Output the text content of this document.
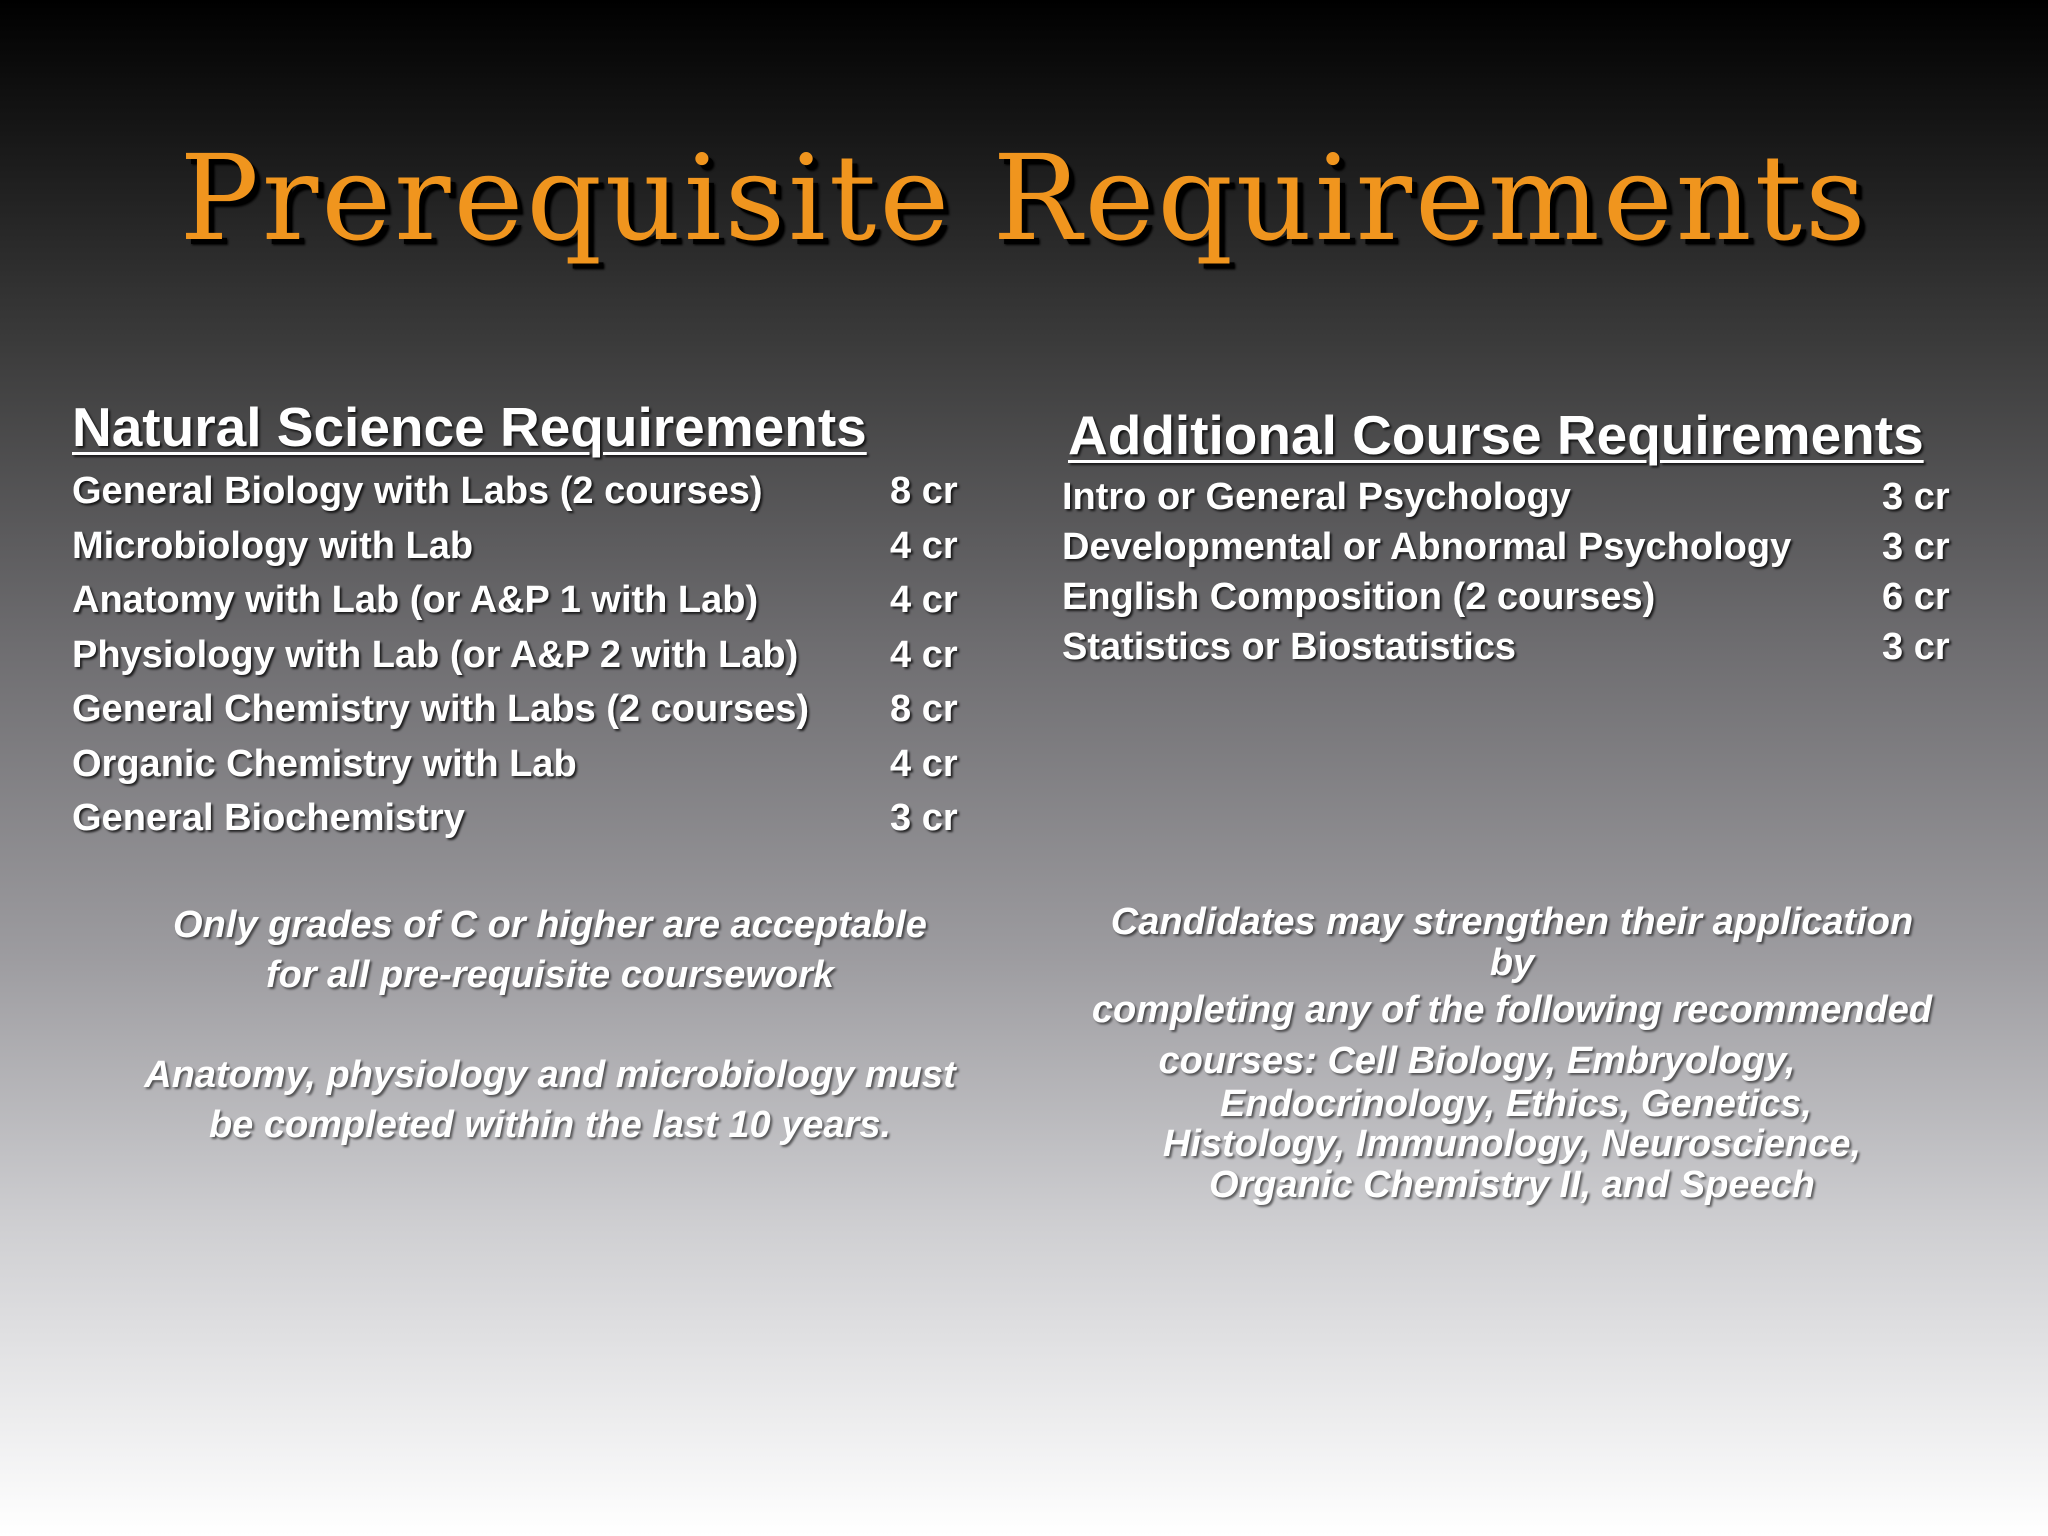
Prerequisite Requirements
Natural Science Requirements
General Biology with Labs (2 courses)	8 cr
Microbiology with Lab	4 cr
Anatomy with Lab (or A&P 1 with Lab)	4 cr
Physiology with Lab (or A&P 2 with Lab) 4 cr
General Chemistry with Labs (2 courses) 8 cr
Organic Chemistry with Lab	4 cr
General Biochemistry	3 cr
Additional Course Requirements
Intro or General Psychology	3 cr
Developmental or Abnormal Psychology 3 cr
English Composition (2 courses)	6 cr
Statistics or Biostatistics	3 cr
Only grades of C or higher are acceptable
for all pre-requisite coursework
Anatomy, physiology and microbiology must
be completed within the last 10 years.
Candidates may strengthen their application
by
completing any of the following recommended
courses: Cell Biology, Embryology,
Endocrinology, Ethics, Genetics,
Histology, Immunology, Neuroscience,
Organic Chemistry II, and Speech
